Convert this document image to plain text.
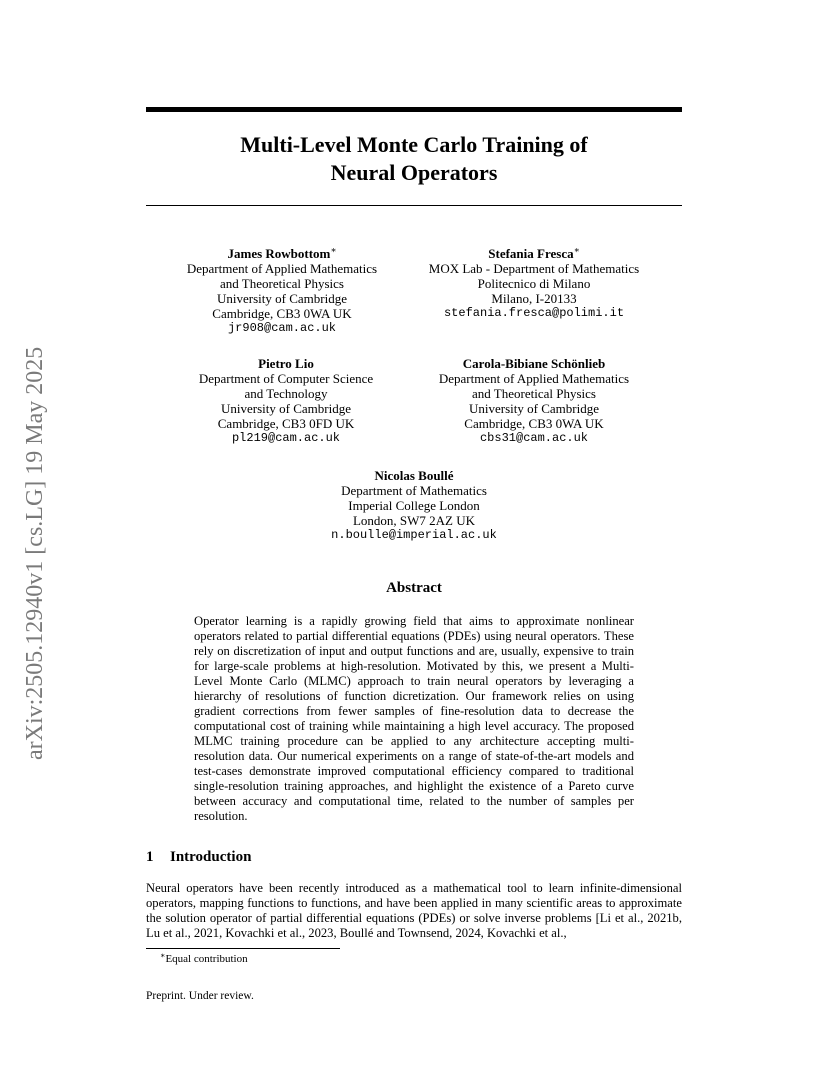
arXiv:2505.12940v1 [cs.LG] 19 May 2025
Multi-Level Monte Carlo Training of
Neural Operators
James Rowbottom∗
Department of Applied Mathematics
and Theoretical Physics
University of Cambridge
Cambridge, CB3 0WA UK
jr908@cam.ac.uk
Stefania Fresca∗
MOX Lab - Department of Mathematics
Politecnico di Milano
Milano, I-20133
stefania.fresca@polimi.it
Pietro Lio
Department of Computer Science
and Technology
University of Cambridge
Cambridge, CB3 0FD UK
pl219@cam.ac.uk
Carola-Bibiane Schönlieb
Department of Applied Mathematics
and Theoretical Physics
University of Cambridge
Cambridge, CB3 0WA UK
cbs31@cam.ac.uk
Nicolas Boullé
Department of Mathematics
Imperial College London
London, SW7 2AZ UK
n.boulle@imperial.ac.uk
Abstract
Operator learning is a rapidly growing field that aims to approximate nonlinear operators related to partial differential equations (PDEs) using neural operators. These rely on discretization of input and output functions and are, usually, expensive to train for large-scale problems at high-resolution. Motivated by this, we present a Multi-Level Monte Carlo (MLMC) approach to train neural operators by leveraging a hierarchy of resolutions of function dicretization. Our framework relies on using gradient corrections from fewer samples of fine-resolution data to decrease the computational cost of training while maintaining a high level accuracy. The proposed MLMC training procedure can be applied to any architecture accepting multi-resolution data. Our numerical experiments on a range of state-of-the-art models and test-cases demonstrate improved computational efficiency compared to traditional single-resolution training approaches, and highlight the existence of a Pareto curve between accuracy and computational time, related to the number of samples per resolution.
1 Introduction
Neural operators have been recently introduced as a mathematical tool to learn infinite-dimensional operators, mapping functions to functions, and have been applied in many scientific areas to approximate the solution operator of partial differential equations (PDEs) or solve inverse problems [Li et al., 2021b, Lu et al., 2021, Kovachki et al., 2023, Boullé and Townsend, 2024, Kovachki et al.,
∗Equal contribution
Preprint. Under review.
